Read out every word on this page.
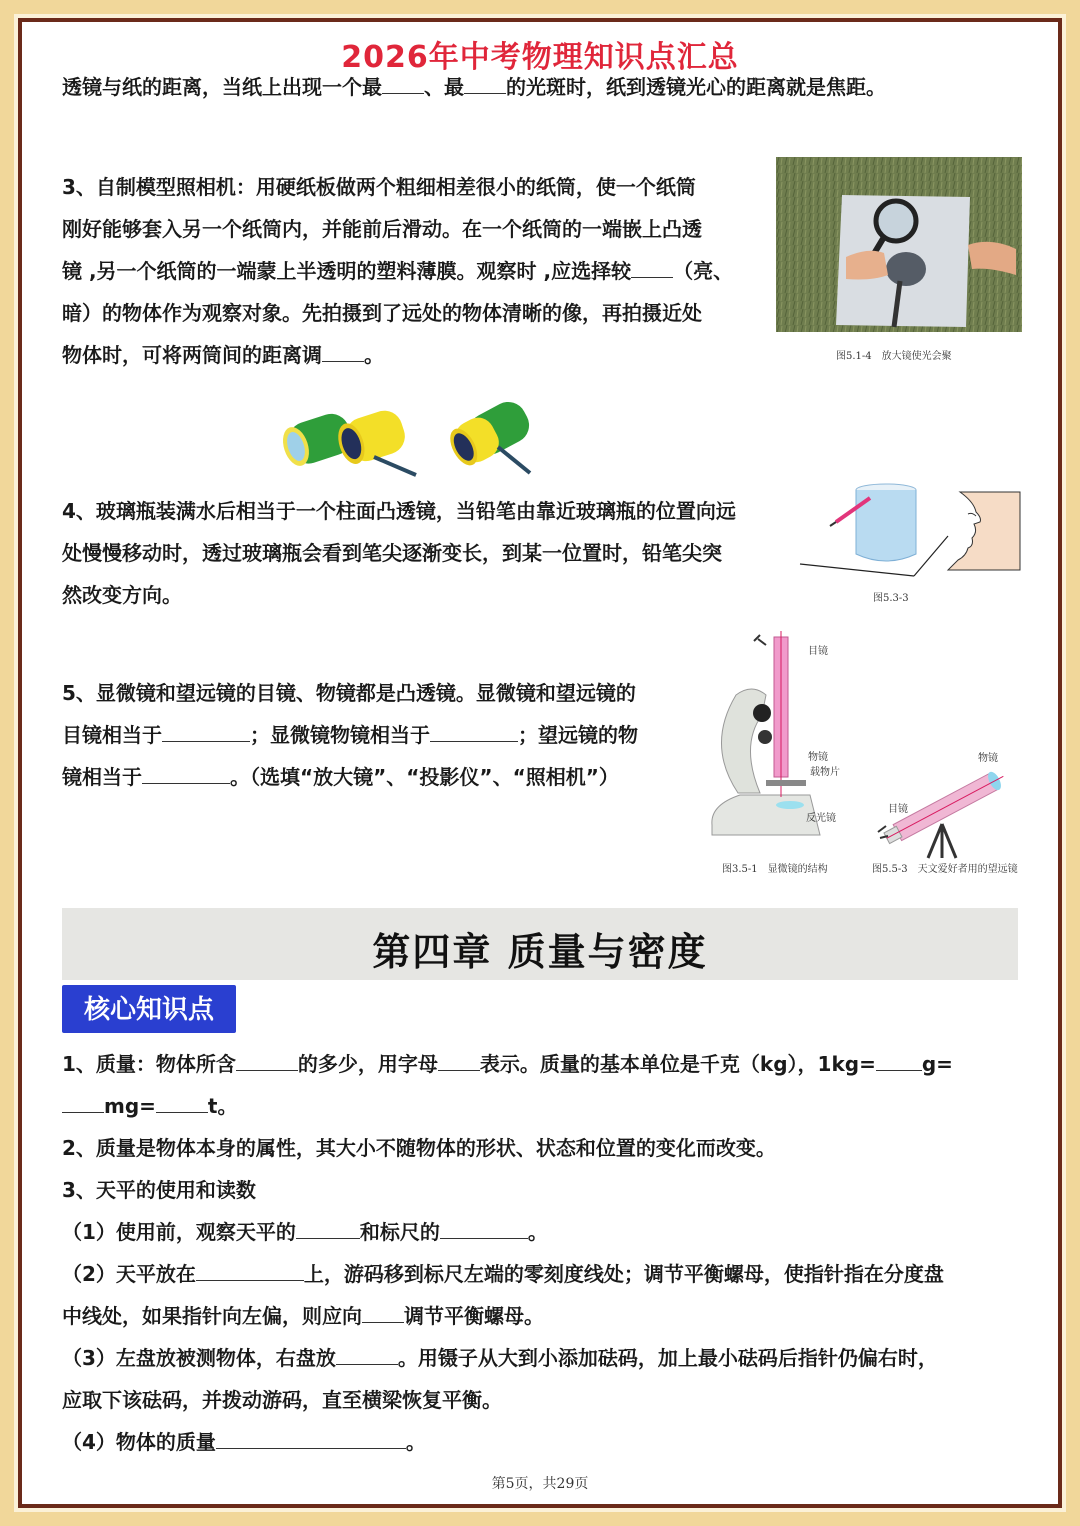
2026年中考物理知识点汇总
透镜与纸的距离，当纸上出现一个最 、最 的光斑时，纸到透镜光心的距离就是焦距。
3、自制模型照相机：用硬纸板做两个粗细相差很小的纸筒，使一个纸筒
刚好能够套入另一个纸筒内，并能前后滑动。在一个纸筒的一端嵌上凸透
镜 ,另一个纸筒的一端蒙上半透明的塑料薄膜。观察时 ,应选择较 （亮、
暗）的物体作为观察对象。先拍摄到了远处的物体清晰的像，再拍摄近处
物体时，可将两筒间的距离调 。	图5.1-4　放大镜使光会聚
4、玻璃瓶装满水后相当于一个柱面凸透镜，当铅笔由靠近玻璃瓶的位置向远
处慢慢移动时，透过玻璃瓶会看到笔尖逐渐变长，到某一位置时，铅笔尖突
然改变方向。	图5.3-3
5、显微镜和望远镜的目镜、物镜都是凸透镜。显微镜和望远镜的
目镜相当于	；显微镜物镜相当于	；望远镜的物
镜相当于	。（选填“放大镜”、“投影仪”、“照相机”）
目镜
物镜
载物片
反光镜
图3.5-1　显微镜的结构
物镜
目镜
图5.5-3　天文爱好者用的望远镜
第四章 质量与密度
核心知识点
1、质量：物体所含	的多少，用字母 表示。质量的基本单位是千克（kg），1kg= g=
mg=	t。
2、质量是物体本身的属性，其大小不随物体的形状、状态和位置的变化而改变。
3、天平的使用和读数
（1）使用前，观察天平的	和标尺的	。
（2）天平放在	上，游码移到标尺左端的零刻度线处；调节平衡螺母，使指针指在分度盘
中线处，如果指针向左偏，则应向 调节平衡螺母。
（3）左盘放被测物体，右盘放	。用镊子从大到小添加砝码，加上最小砝码后指针仍偏右时，
应取下该砝码，并拨动游码，直至横梁恢复平衡。
（4）物体的质量	。
第5页，共29页
